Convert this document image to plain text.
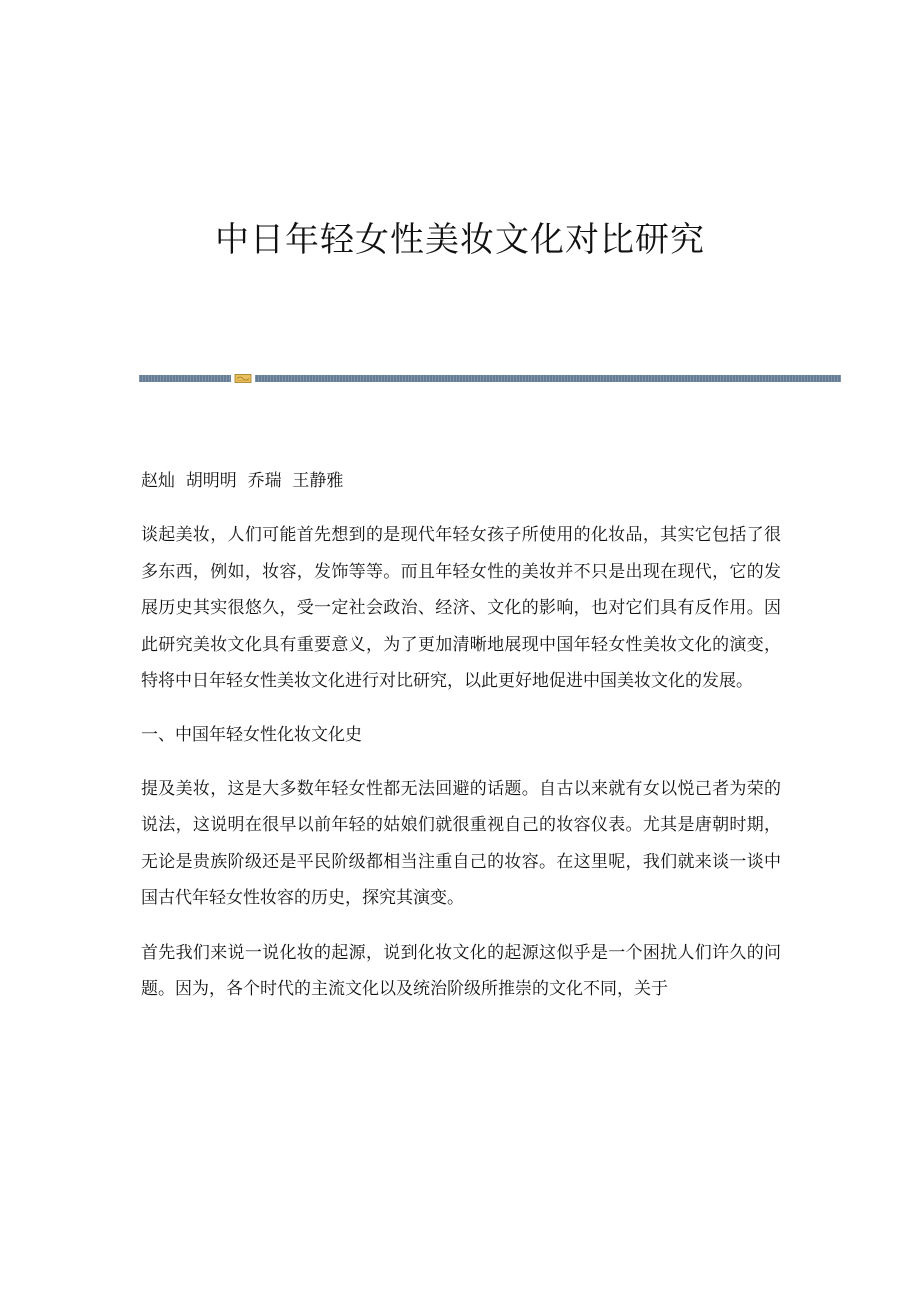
中日年轻女性美妆文化对比研究

赵灿  胡明明  乔瑞  王静雅

谈起美妆，人们可能首先想到的是现代年轻女孩子所使用的化妆品，其实它包括了很多东西，例如，妆容，发饰等等。而且年轻女性的美妆并不只是出现在现代，它的发展历史其实很悠久，受一定社会政治、经济、文化的影响，也对它们具有反作用。因此研究美妆文化具有重要意义，为了更加清晰地展现中国年轻女性美妆文化的演变，特将中日年轻女性美妆文化进行对比研究，以此更好地促进中国美妆文化的发展。

一、中国年轻女性化妆文化史

提及美妆，这是大多数年轻女性都无法回避的话题。自古以来就有女以悦己者为荣的说法，这说明在很早以前年轻的姑娘们就很重视自己的妆容仪表。尤其是唐朝时期，无论是贵族阶级还是平民阶级都相当注重自己的妆容。在这里呢，我们就来谈一谈中国古代年轻女性妆容的历史，探究其演变。

首先我们来说一说化妆的起源，说到化妆文化的起源这似乎是一个困扰人们许久的问题。因为，各个时代的主流文化以及统治阶级所推崇的文化不同，关于
